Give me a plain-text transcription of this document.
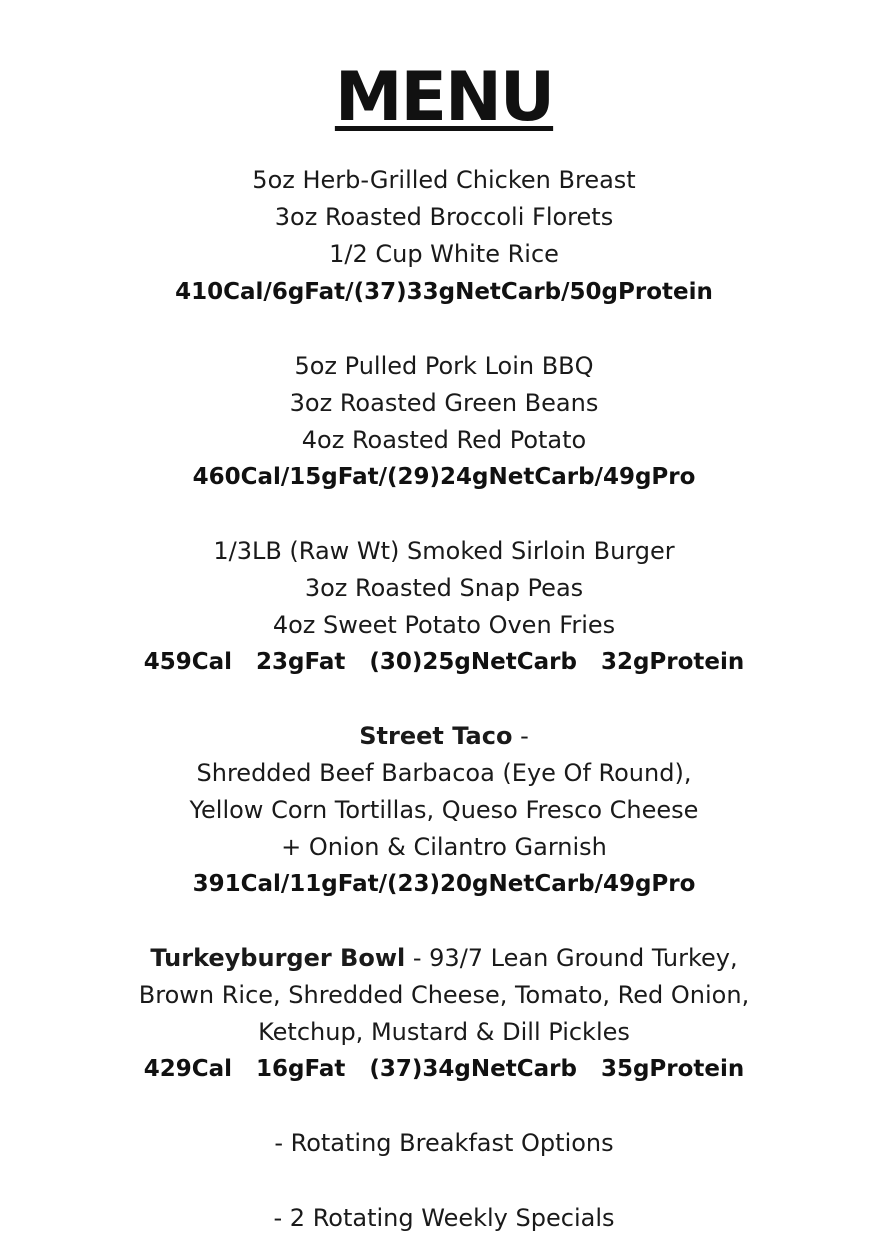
MENU
5oz Herb-Grilled Chicken Breast
3oz Roasted Broccoli Florets
1/2 Cup White Rice
410Cal/6gFat/(37)33gNetCarb/50gProtein
5oz Pulled Pork Loin BBQ
3oz Roasted Green Beans
4oz Roasted Red Potato
460Cal/15gFat/(29)24gNetCarb/49gPro
1/3LB (Raw Wt) Smoked Sirloin Burger
3oz Roasted Snap Peas
4oz Sweet Potato Oven Fries
459Cal  23gFat  (30)25gNetCarb  32gProtein
Street Taco -
Shredded Beef Barbacoa (Eye Of Round),
Yellow Corn Tortillas, Queso Fresco Cheese
+ Onion & Cilantro Garnish
391Cal/11gFat/(23)20gNetCarb/49gPro
Turkeyburger Bowl - 93/7 Lean Ground Turkey,
Brown Rice, Shredded Cheese, Tomato, Red Onion,
Ketchup, Mustard & Dill Pickles
429Cal  16gFat  (37)34gNetCarb  35gProtein
- Rotating Breakfast Options
- 2 Rotating Weekly Specials
